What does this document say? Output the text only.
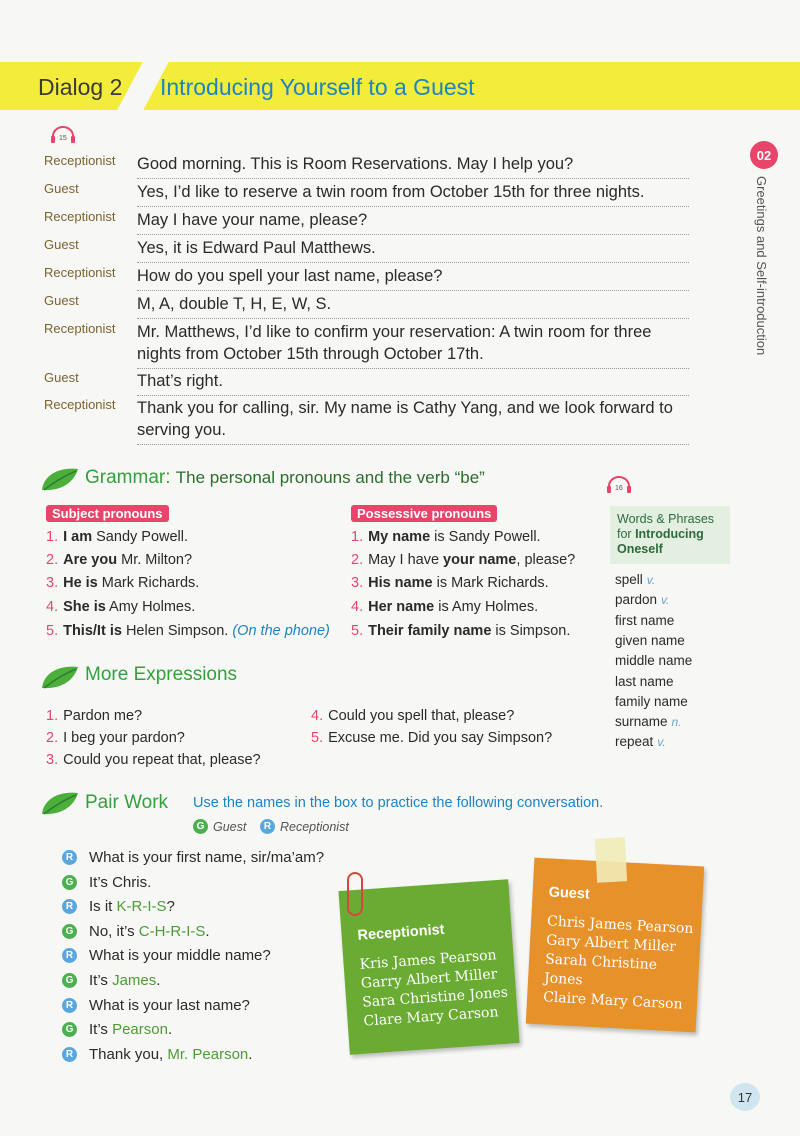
Dialog 2 Introducing Yourself to a Guest
02
Greetings and Self-introduction
15
Receptionist Good morning. This is Room Reservations. May I help you?
Guest	Yes, I’d like to reserve a twin room from October 15th for three nights.
Receptionist May I have your name, please?
Guest	Yes, it is Edward Paul Matthews.
Receptionist How do you spell your last name, please?
Guest	M, A, double T, H, E, W, S.
Receptionist Mr. Matthews, I’d like to confirm your reservation: A twin room for three nights from October 15th through October 17th.
Guest	That’s right.
Receptionist Thank you for calling, sir. My name is Cathy Yang, and we look forward to serving you.
Grammar: The personal pronouns and the verb “be”
Subject pronouns	Possessive pronouns
1. I am Sandy Powell.
2. Are you Mr. Milton?
3. He is Mark Richards.
4. She is Amy Holmes.
5. This/It is Helen Simpson. (On the phone)
1. My name is Sandy Powell.
2. May I have your name, please?
3. His name is Mark Richards.
4. Her name is Amy Holmes.
5. Their family name is Simpson.
16
Words & Phrases for Introducing Oneself
spell v.
pardon v.
first name
given name
middle name
last name
family name
surname n.
repeat v.
More Expressions
1. Pardon me?
2. I beg your pardon?
3. Could you repeat that, please?
4. Could you spell that, please?
5. Excuse me. Did you say Simpson?
Pair Work Use the names in the box to practice the following conversation.
G Guest	R Receptionist
R What is your first name, sir/ma’am?
G It’s Chris.
R Is it K-R-I-S?
G No, it’s C-H-R-I-S.
R What is your middle name?
G It’s James.
R What is your last name?
G It’s Pearson.
R Thank you, Mr. Pearson.
Receptionist
Kris James Pearson
Garry Albert Miller
Sara Christine Jones
Clare Mary Carson
Guest
Chris James Pearson
Gary Albert Miller
Sarah Christine Jones
Claire Mary Carson
17
